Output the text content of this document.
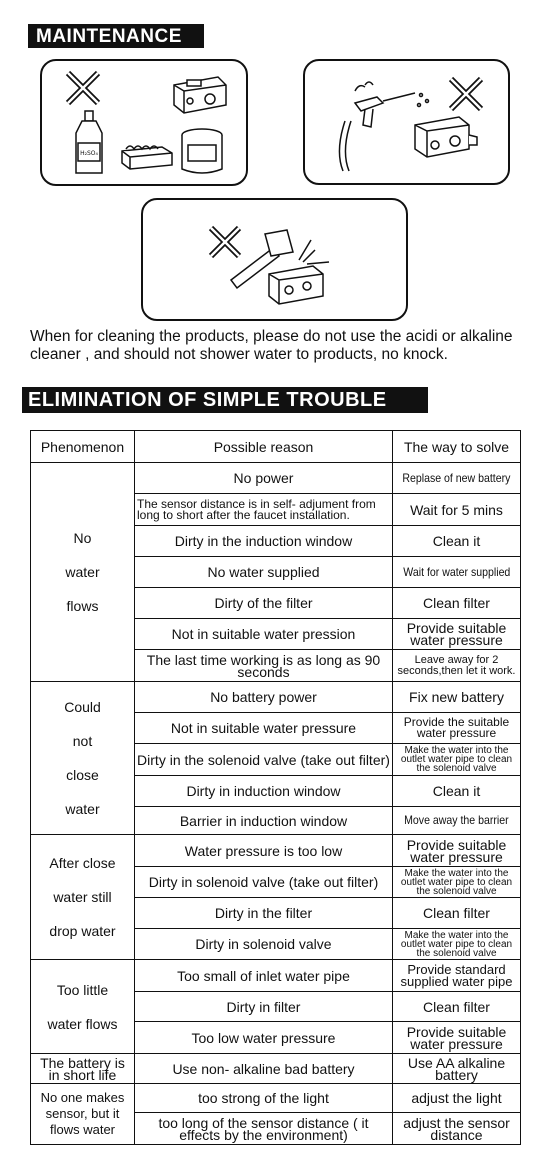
MAINTENANCE
H₂SO₄
When for cleaning the products, please do not use the acidi or alkaline cleaner , and should not shower water to products, no knock.
ELIMINATION OF SIMPLE TROUBLE
Phenomenon	Possible reason	The way to solve

No
water
flows	No power	Replase of new battery
	The sensor distance is in self- adjument from long to short after the faucet installation.	Wait for 5 mins
	Dirty in the induction window	Clean it
	No water supplied	Wait for water supplied
	Dirty of the filter	Clean filter
	Not in suitable water pression	Provide suitable water pressure
	The last time working is as long as 90 seconds	Leave away for 2 seconds,then let it work.

Could
not
close
water	No battery power	Fix new battery
	Not in suitable water pressure	Provide the suitable water pressure
	Dirty in the solenoid valve (take out filter)	Make the water into the outlet water pipe to clean the solenoid valve
	Dirty in induction window	Clean it
	Barrier in induction window	Move away the barrier

After close
water still
drop water	Water pressure is too low	Provide suitable water pressure
	Dirty in solenoid valve (take out filter)	Make the water into the outlet water pipe to clean the solenoid valve
	Dirty in the filter	Clean filter
	Dirty in solenoid valve	Make the water into the outlet water pipe to clean the solenoid valve

Too little
water flows	Too small of inlet water pipe	Provide standard supplied water pipe
	Dirty in filter	Clean filter
	Too low water pressure	Provide suitable water pressure
The battery is in short life	Use non- alkaline bad battery	Use AA alkaline battery
No one makes sensor, but it flows water	too strong of the light	adjust the light
	too long of the sensor distance ( it effects by the environment)	adjust the sensor distance
